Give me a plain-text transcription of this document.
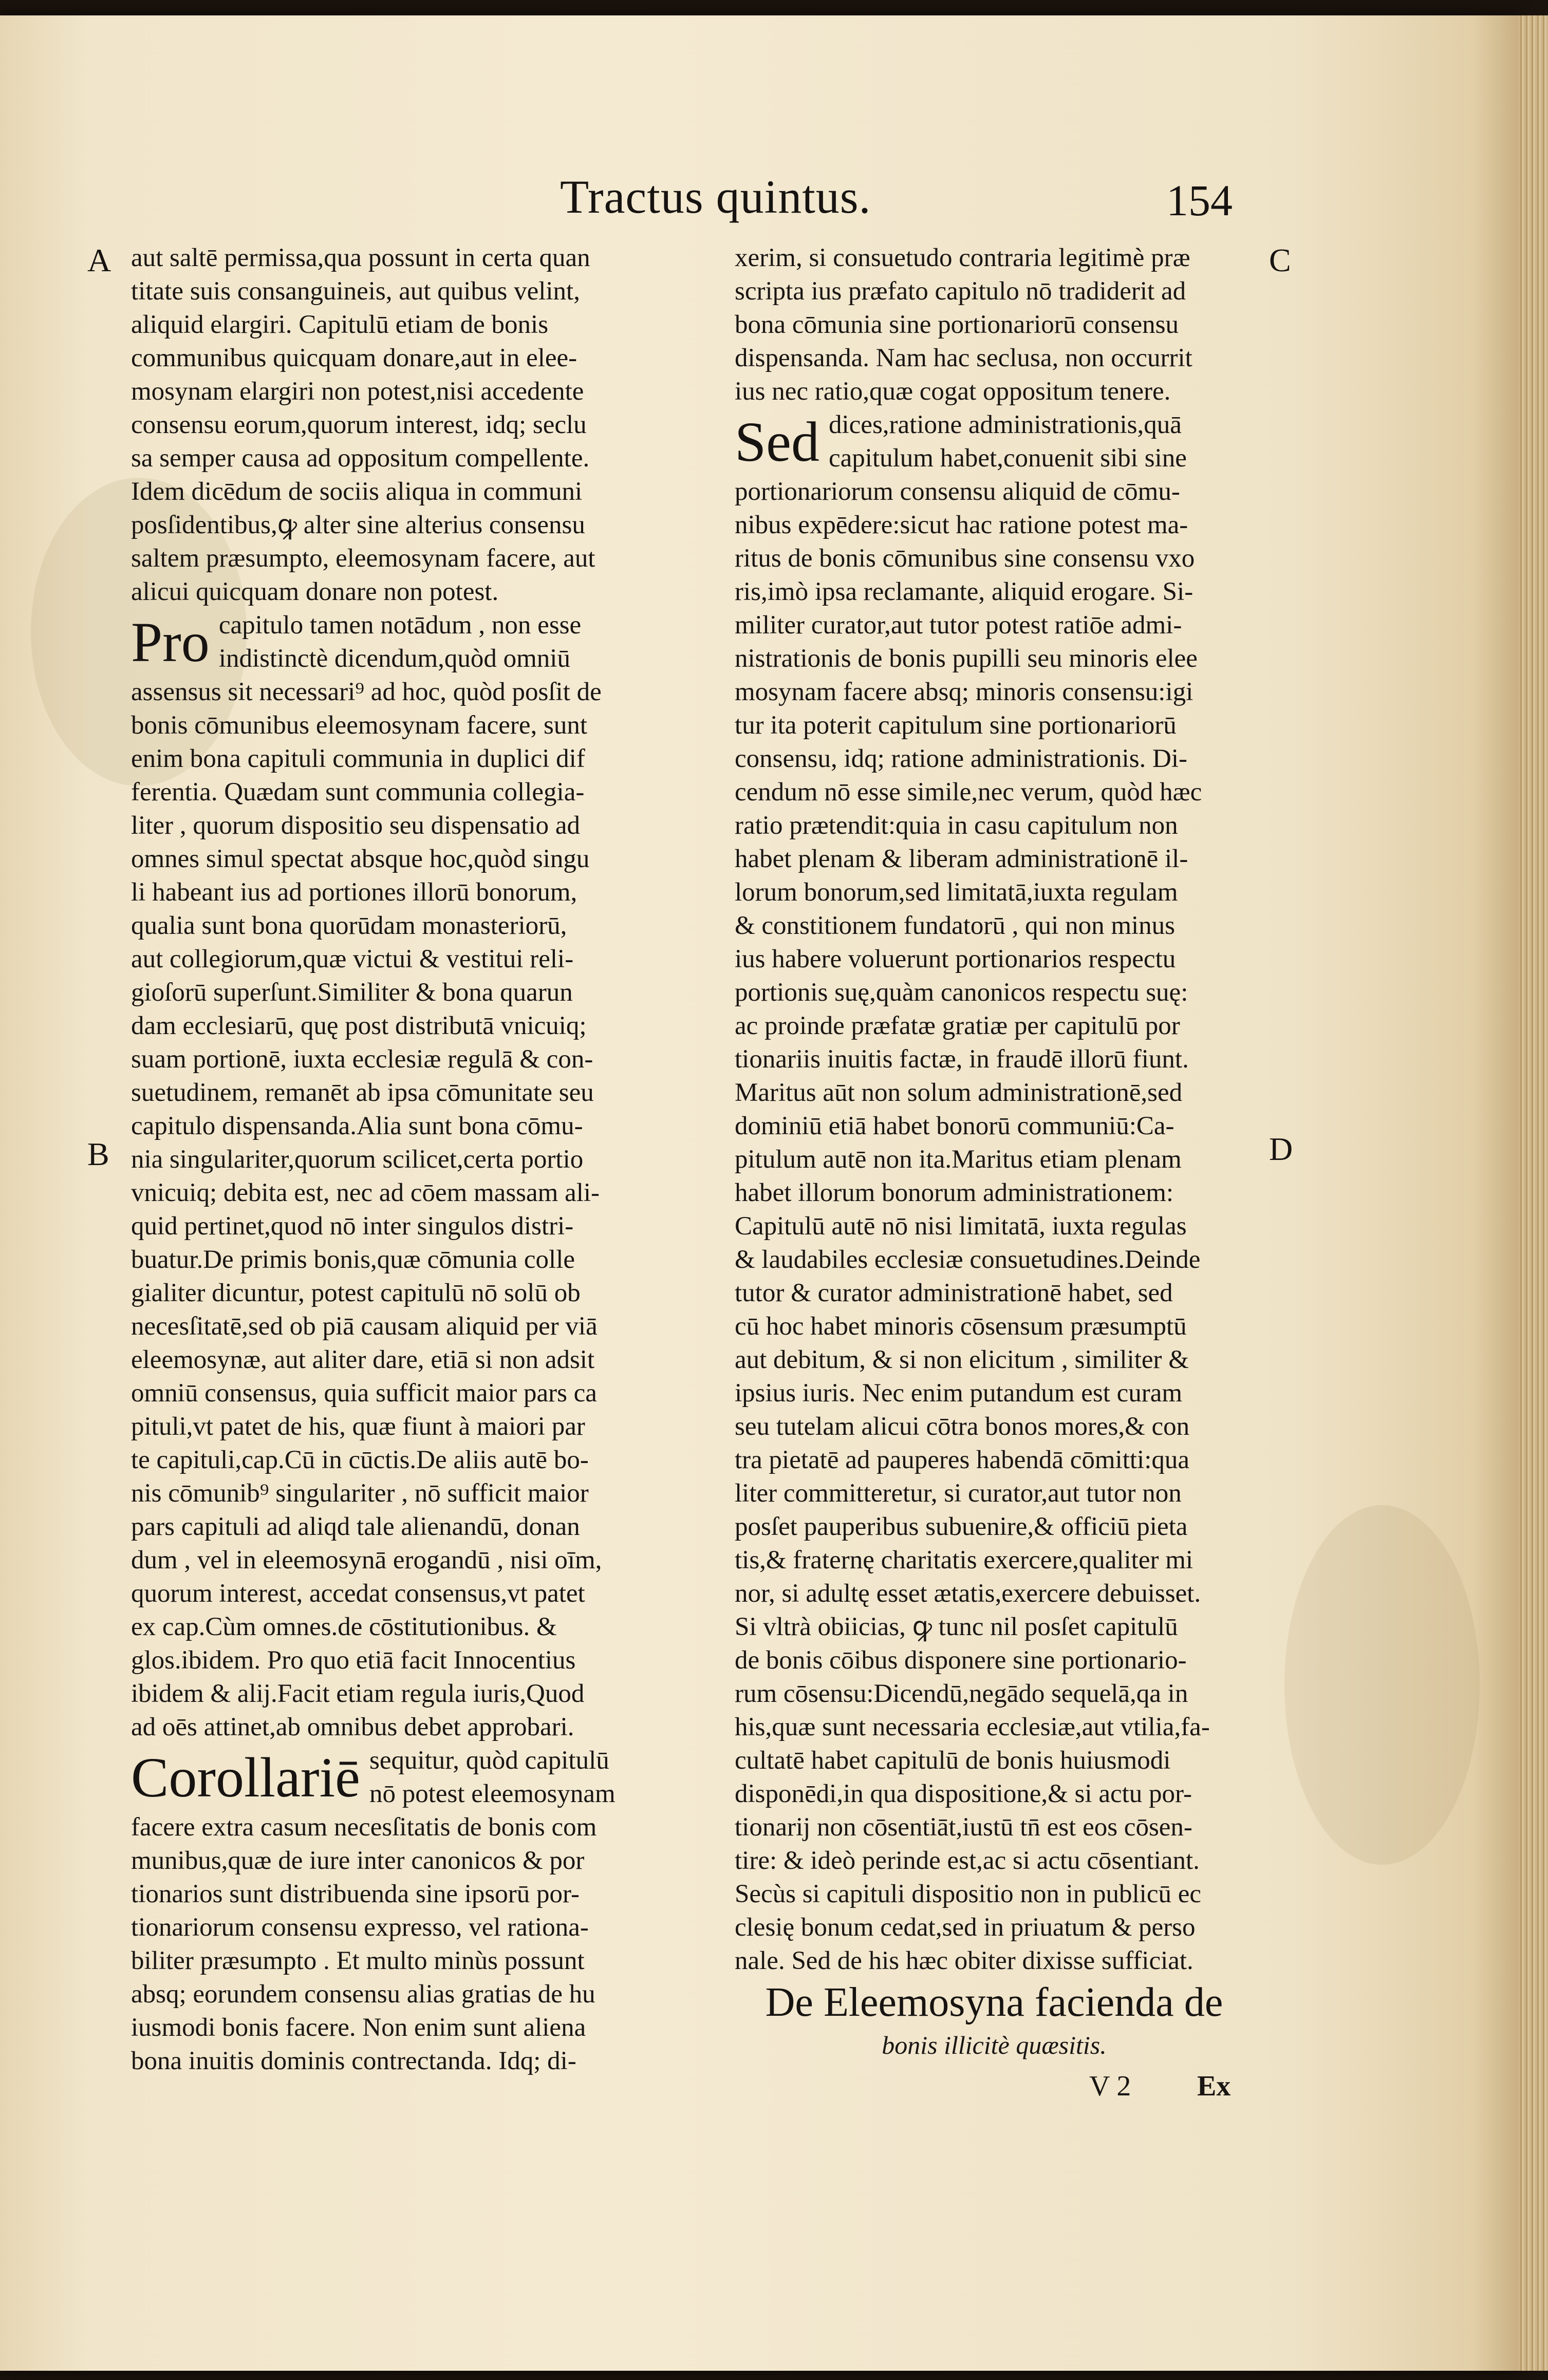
Tractus quintus.	154
A
B
C
D
aut saltē permissa,qua possunt in certa quan
titate suis consanguineis, aut quibus velint,
aliquid elargiri. Capitulū etiam de bonis
communibus quicquam donare,aut in elee-
mosynam elargiri non potest,nisi accedente
consensu eorum,quorum interest, idq; seclu
sa semper causa ad oppositum compellente.
Idem dicēdum de sociis aliqua in communi
posſidentibus,ꝙ alter sine alterius consensu
saltem præsumpto, eleemosynam facere, aut
alicui quicquam donare non potest.
Pro capitulo tamen notādum , non esse
indistinctè dicendum,quòd omniū
assensus sit necessari⁹ ad hoc, quòd posſit de
bonis cōmunibus eleemosynam facere, sunt
enim bona capituli communia in duplici dif
ferentia. Quædam sunt communia collegia-
liter , quorum dispositio seu dispensatio ad
omnes simul spectat absque hoc,quòd singu
li habeant ius ad portiones illorū bonorum,
qualia sunt bona quorūdam monasteriorū,
aut collegiorum,quæ victui & vestitui reli-
gioſorū superſunt.Similiter & bona quarun
dam ecclesiarū, quę post distributā vnicuiq;
suam portionē, iuxta ecclesiæ regulā & con-
suetudinem, remanēt ab ipsa cōmunitate seu
capitulo dispensanda.Alia sunt bona cōmu-
nia singulariter,quorum scilicet,certa portio
vnicuiq; debita est, nec ad cōem massam ali-
quid pertinet,quod nō inter singulos distri-
buatur.De primis bonis,quæ cōmunia colle
gialiter dicuntur, potest capitulū nō solū ob
necesſitatē,sed ob piā causam aliquid per viā
eleemosynæ, aut aliter dare, etiā si non adsit
omniū consensus, quia sufficit maior pars ca
pituli,vt patet de his, quæ fiunt à maiori par
te capituli,cap.Cū in cūctis.De aliis autē bo-
nis cōmunib⁹ singulariter , nō sufficit maior
pars capituli ad aliqd tale alienandū, donan
dum , vel in eleemosynā erogandū , nisi oīm,
quorum interest, accedat consensus,vt patet
ex cap.Cùm omnes.de cōstitutionibus. &
glos.ibidem. Pro quo etiā facit Innocentius
ibidem & alij.Facit etiam regula iuris,Quod
ad oēs attinet,ab omnibus debet approbari.
Corollariē sequitur, quòd capitulū
nō potest eleemosynam
facere extra casum necesſitatis de bonis com
munibus,quæ de iure inter canonicos & por
tionarios sunt distribuenda sine ipsorū por-
tionariorum consensu expresso, vel rationa-
biliter præsumpto . Et multo minùs possunt
absq; eorundem consensu alias gratias de hu
iusmodi bonis facere. Non enim sunt aliena
bona inuitis dominis contrectanda. Idq; di-
xerim, si consuetudo contraria legitimè præ
scripta ius præfato capitulo nō tradiderit ad
bona cōmunia sine portionariorū consensu
dispensanda. Nam hac seclusa, non occurrit
ius nec ratio,quæ cogat oppositum tenere.
Sed dices,ratione administrationis,quā
capitulum habet,conuenit sibi sine
portionariorum consensu aliquid de cōmu-
nibus expēdere:sicut hac ratione potest ma-
ritus de bonis cōmunibus sine consensu vxo
ris,imò ipsa reclamante, aliquid erogare. Si-
militer curator,aut tutor potest ratiōe admi-
nistrationis de bonis pupilli seu minoris elee
mosynam facere absq; minoris consensu:igi
tur ita poterit capitulum sine portionariorū
consensu, idq; ratione administrationis. Di-
cendum nō esse simile,nec verum, quòd hæc
ratio prætendit:quia in casu capitulum non
habet plenam & liberam administrationē il-
lorum bonorum,sed limitatā,iuxta regulam
& constitionem fundatorū , qui non minus
ius habere voluerunt portionarios respectu
portionis suę,quàm canonicos respectu suę:
ac proinde præfatæ gratiæ per capitulū por
tionariis inuitis factæ, in fraudē illorū fiunt.
Maritus aūt non solum administrationē,sed
dominiū etiā habet bonorū communiū:Ca-
pitulum autē non ita.Maritus etiam plenam
habet illorum bonorum administrationem:
Capitulū autē nō nisi limitatā, iuxta regulas
& laudabiles ecclesiæ consuetudines.Deinde
tutor & curator administrationē habet, sed
cū hoc habet minoris cōsensum præsumptū
aut debitum, & si non elicitum , similiter &
ipsius iuris. Nec enim putandum est curam
seu tutelam alicui cōtra bonos mores,& con
tra pietatē ad pauperes habendā cōmitti:qua
liter committeretur, si curator,aut tutor non
posſet pauperibus subuenire,& officiū pieta
tis,& fraternę charitatis exercere,qualiter mi
nor, si adultę esset ætatis,exercere debuisset.
Si vltrà obiicias, ꝙ tunc nil posſet capitulū
de bonis cōibus disponere sine portionario-
rum cōsensu:Dicendū,negādo sequelā,qa in
his,quæ sunt necessaria ecclesiæ,aut vtilia,fa-
cultatē habet capitulū de bonis huiusmodi
disponēdi,in qua dispositione,& si actu por-
tionarij non cōsentiāt,iustū tn̄ est eos cōsen-
tire: & ideò perinde est,ac si actu cōsentiant.
Secùs si capituli dispositio non in publicū ec
clesię bonum cedat,sed in priuatum & perso
nale. Sed de his hæc obiter dixisse sufficiat.
De Eleemosyna facienda de
bonis illicitè quæsitis.
V 2 Ex
